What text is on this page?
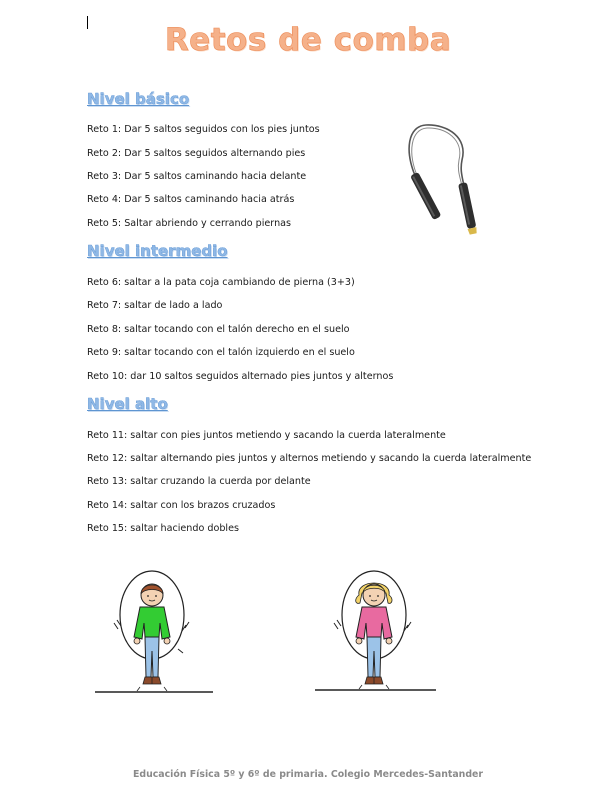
Retos de comba
Nivel básico
Reto 1: Dar 5 saltos seguidos con los pies juntos
Reto 2: Dar 5 saltos seguidos alternando pies
Reto 3: Dar 5 saltos caminando hacia delante
Reto 4: Dar 5 saltos caminando hacia atrás
Reto 5: Saltar abriendo y cerrando piernas
Nivel intermedio
Reto 6: saltar a la pata coja cambiando de pierna (3+3)
Reto 7: saltar de lado a lado
Reto 8: saltar tocando con el talón derecho en el suelo
Reto 9: saltar tocando con el talón izquierdo en el suelo
Reto 10: dar 10 saltos seguidos alternado pies juntos y alternos
Nivel alto
Reto 11: saltar con pies juntos metiendo y sacando la cuerda lateralmente
Reto 12: saltar alternando pies juntos y alternos metiendo y sacando la cuerda lateralmente
Reto 13: saltar cruzando la cuerda por delante
Reto 14: saltar con los brazos cruzados
Reto 15: saltar haciendo dobles
Educación Física 5º y 6º de primaria. Colegio Mercedes-Santander
